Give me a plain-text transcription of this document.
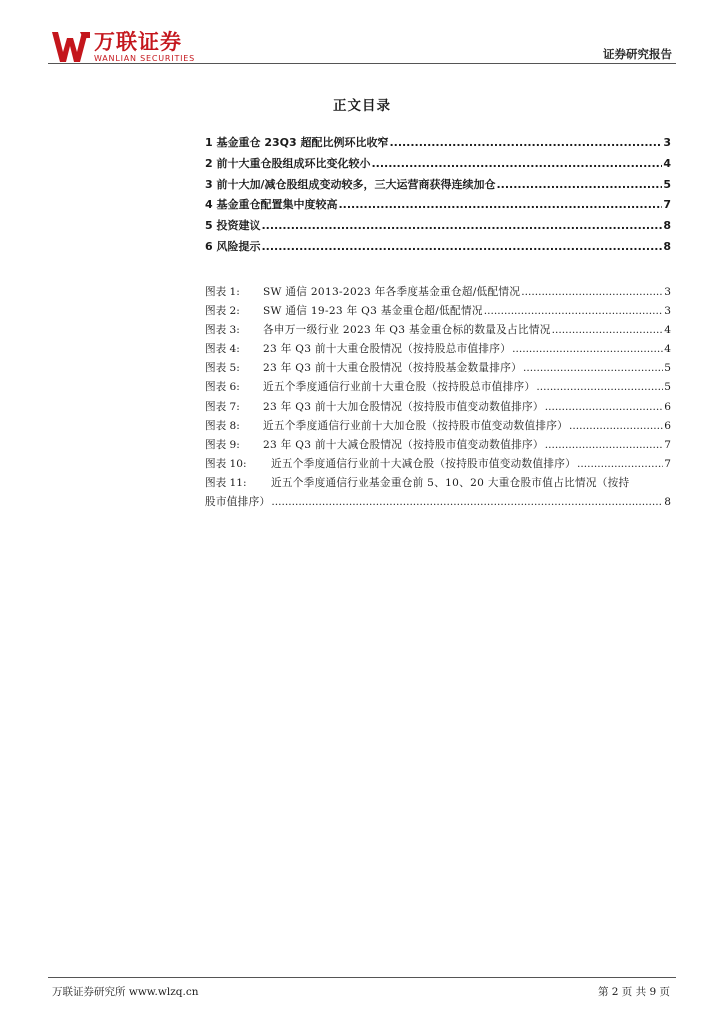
万联证券
WANLIAN SECURITIES	证券研究报告
正文目录
1 基金重仓 23Q3 超配比例环比收窄 .....	3
2 前十大重仓股组成环比变化较小 .....	4
3 前十大加/减仓股组成变动较多，三大运营商获得连续加仓 .....	5
4 基金重仓配置集中度较高 .....	7
5 投资建议 .....	8
6 风险提示 .....	8
图表 1:	SW 通信 2013-2023 年各季度基金重仓超/低配情况 .....	3
图表 2:	SW 通信 19-23 年 Q3 基金重仓超/低配情况 .....	3
图表 3:	各申万一级行业 2023 年 Q3 基金重仓标的数量及占比情况 .....	4
图表 4:	23 年 Q3 前十大重仓股情况（按持股总市值排序） .....	4
图表 5:	23 年 Q3 前十大重仓股情况（按持股基金数量排序） .....	5
图表 6:	近五个季度通信行业前十大重仓股（按持股总市值排序） .....	5
图表 7:	23 年 Q3 前十大加仓股情况（按持股市值变动数值排序） .....	6
图表 8:	近五个季度通信行业前十大加仓股（按持股市值变动数值排序） .....	6
图表 9:	23 年 Q3 前十大减仓股情况（按持股市值变动数值排序） .....	7
图表 10:	近五个季度通信行业前十大减仓股（按持股市值变动数值排序） .....	7
图表 11:	近五个季度通信行业基金重仓前 5、10、20 大重仓股市值占比情况（按持
股市值排序） .....	8
万联证券研究所 www.wlzq.cn	第 2 页 共 9 页
